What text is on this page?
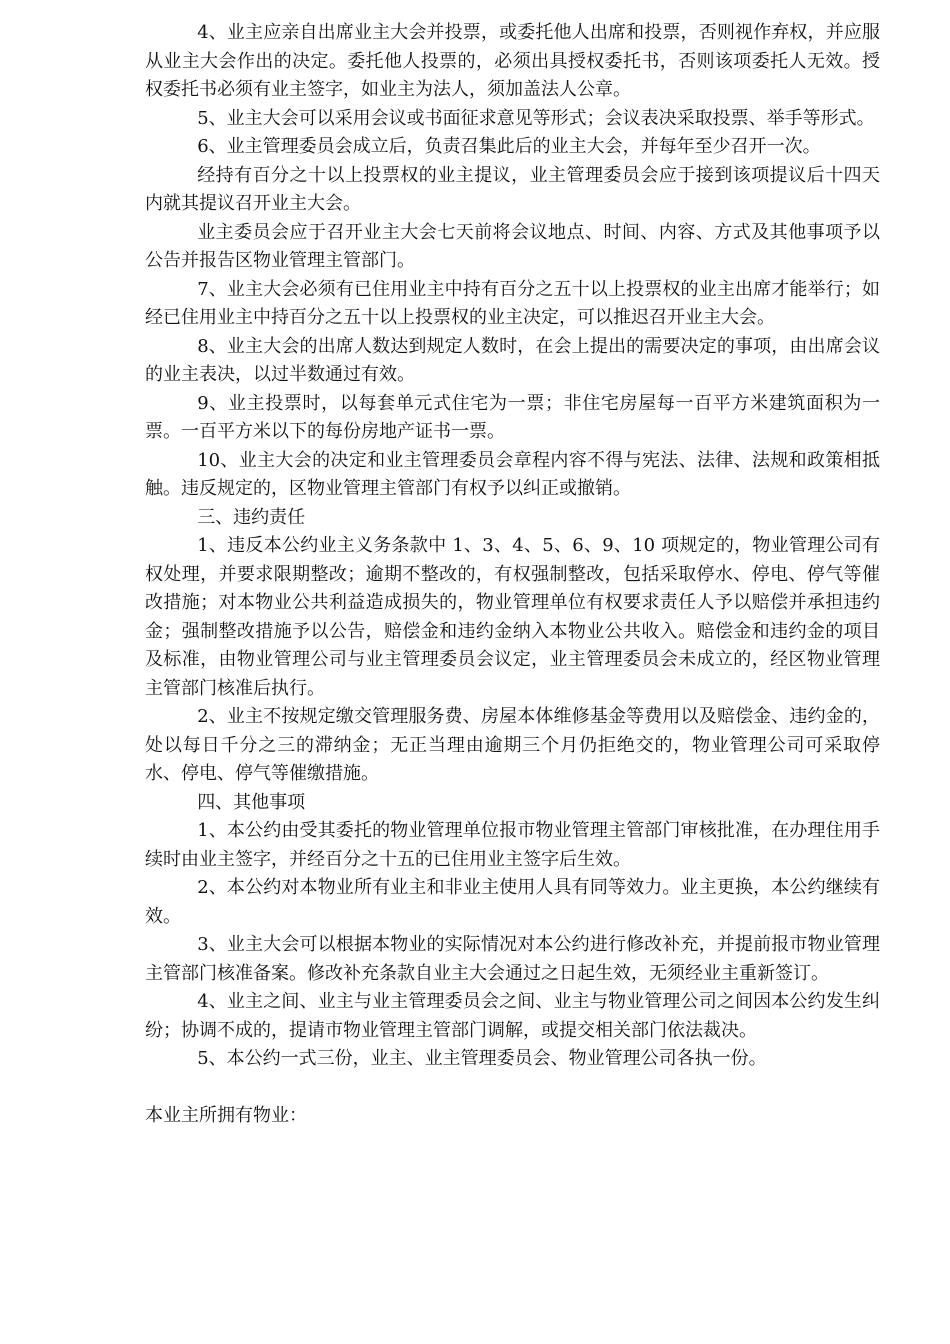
4、业主应亲自出席业主大会并投票，或委托他人出席和投票，否则视作弃权，并应服从业主大会作出的决定。委托他人投票的，必须出具授权委托书，否则该项委托人无效。授权委托书必须有业主签字，如业主为法人，须加盖法人公章。

5、业主大会可以采用会议或书面征求意见等形式；会议表决采取投票、举手等形式。

6、业主管理委员会成立后，负责召集此后的业主大会，并每年至少召开一次。

经持有百分之十以上投票权的业主提议，业主管理委员会应于接到该项提议后十四天内就其提议召开业主大会。

业主委员会应于召开业主大会七天前将会议地点、时间、内容、方式及其他事项予以公告并报告区物业管理主管部门。

7、业主大会必须有已住用业主中持有百分之五十以上投票权的业主出席才能举行；如经已住用业主中持百分之五十以上投票权的业主决定，可以推迟召开业主大会。

8、业主大会的出席人数达到规定人数时，在会上提出的需要决定的事项，由出席会议的业主表决，以过半数通过有效。

9、业主投票时，以每套单元式住宅为一票；非住宅房屋每一百平方米建筑面积为一票。一百平方米以下的每份房地产证书一票。

10、业主大会的决定和业主管理委员会章程内容不得与宪法、法律、法规和政策相抵触。违反规定的，区物业管理主管部门有权予以纠正或撤销。

三、违约责任

1、违反本公约业主义务条款中 1、3、4、5、6、9、10 项规定的，物业管理公司有权处理，并要求限期整改；逾期不整改的，有权强制整改，包括采取停水、停电、停气等催改措施；对本物业公共利益造成损失的，物业管理单位有权要求责任人予以赔偿并承担违约金；强制整改措施予以公告，赔偿金和违约金纳入本物业公共收入。赔偿金和违约金的项目及标准，由物业管理公司与业主管理委员会议定，业主管理委员会未成立的，经区物业管理主管部门核准后执行。

2、业主不按规定缴交管理服务费、房屋本体维修基金等费用以及赔偿金、违约金的，处以每日千分之三的滞纳金；无正当理由逾期三个月仍拒绝交的，物业管理公司可采取停水、停电、停气等催缴措施。

四、其他事项

1、本公约由受其委托的物业管理单位报市物业管理主管部门审核批准，在办理住用手续时由业主签字，并经百分之十五的已住用业主签字后生效。

2、本公约对本物业所有业主和非业主使用人具有同等效力。业主更换，本公约继续有效。

3、业主大会可以根据本物业的实际情况对本公约进行修改补充，并提前报市物业管理主管部门核准备案。修改补充条款自业主大会通过之日起生效，无须经业主重新签订。

4、业主之间、业主与业主管理委员会之间、业主与物业管理公司之间因本公约发生纠纷；协调不成的，提请市物业管理主管部门调解，或提交相关部门依法裁决。

5、本公约一式三份，业主、业主管理委员会、物业管理公司各执一份。

本业主所拥有物业：
